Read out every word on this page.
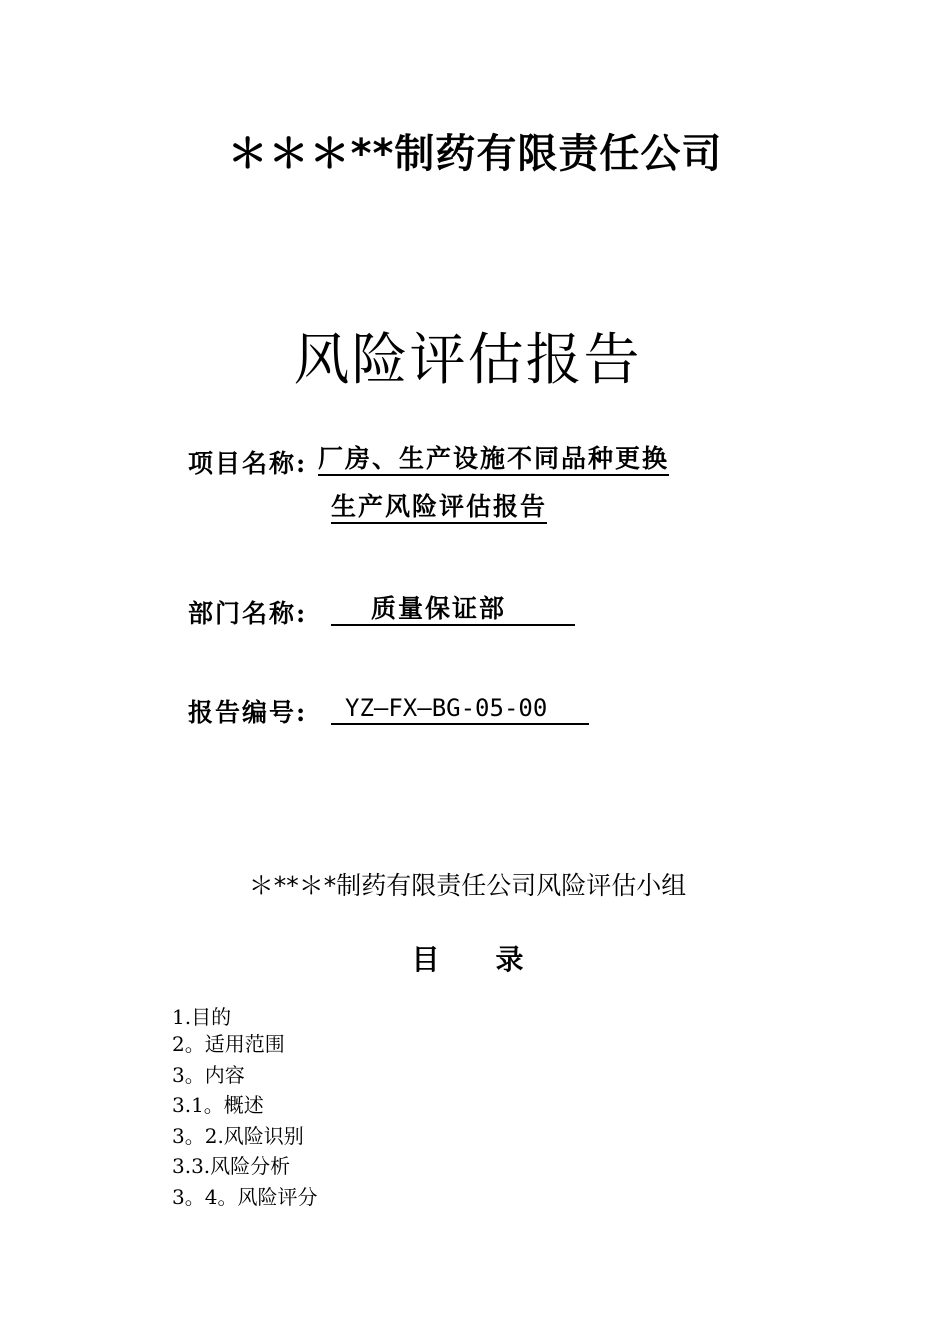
＊＊＊**制药有限责任公司
风险评估报告
项目名称: 厂房、生产设施不同品种更换
生产风险评估报告
部门名称:	质量保证部
报告编号:	YZ—FX—BG-05-00
＊**＊*制药有限责任公司风险评估小组
目 录
1.目的
2。适用范围
3。内容
3.1。概述
3。2.风险识别
3.3.风险分析
3。4。风险评分
